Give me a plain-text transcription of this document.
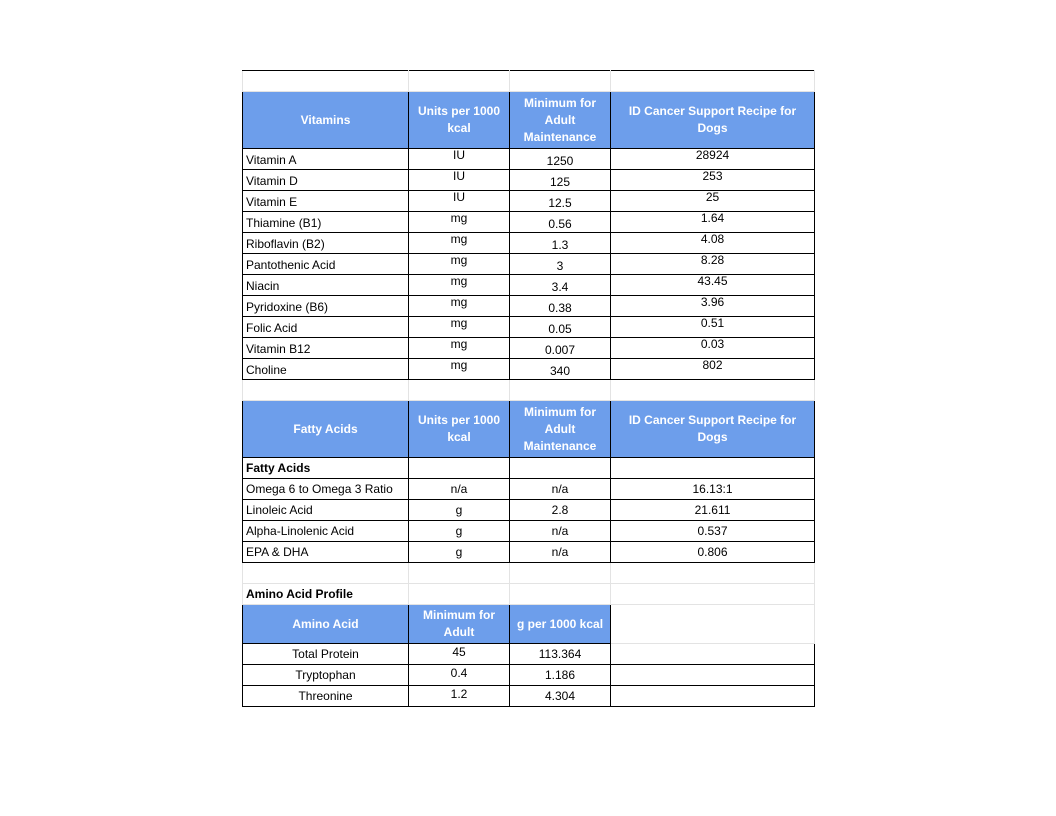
Vitamins	Units per 1000 kcal	Minimum for Adult Maintenance	ID Cancer Support Recipe for Dogs
Vitamin A	IU	1250	28924
Vitamin D	IU	125	253
Vitamin E	IU	12.5	25
Thiamine (B1)	mg	0.56	1.64
Riboflavin (B2)	mg	1.3	4.08
Pantothenic Acid	mg	3	8.28
Niacin	mg	3.4	43.45
Pyridoxine (B6)	mg	0.38	3.96
Folic Acid	mg	0.05	0.51
Vitamin B12	mg	0.007	0.03
Choline	mg	340	802

Fatty Acids	Units per 1000 kcal	Minimum for Adult Maintenance	ID Cancer Support Recipe for Dogs
Fatty Acids			
Omega 6 to Omega 3 Ratio	n/a	n/a	16.13:1
Linoleic Acid	g	2.8	21.611
Alpha-Linolenic Acid	g	n/a	0.537
EPA & DHA	g	n/a	0.806

Amino Acid Profile			
Amino Acid	Minimum for Adult	g per 1000 kcal	
Total Protein	45	113.364	
Tryptophan	0.4	1.186	
Threonine	1.2	4.304	
